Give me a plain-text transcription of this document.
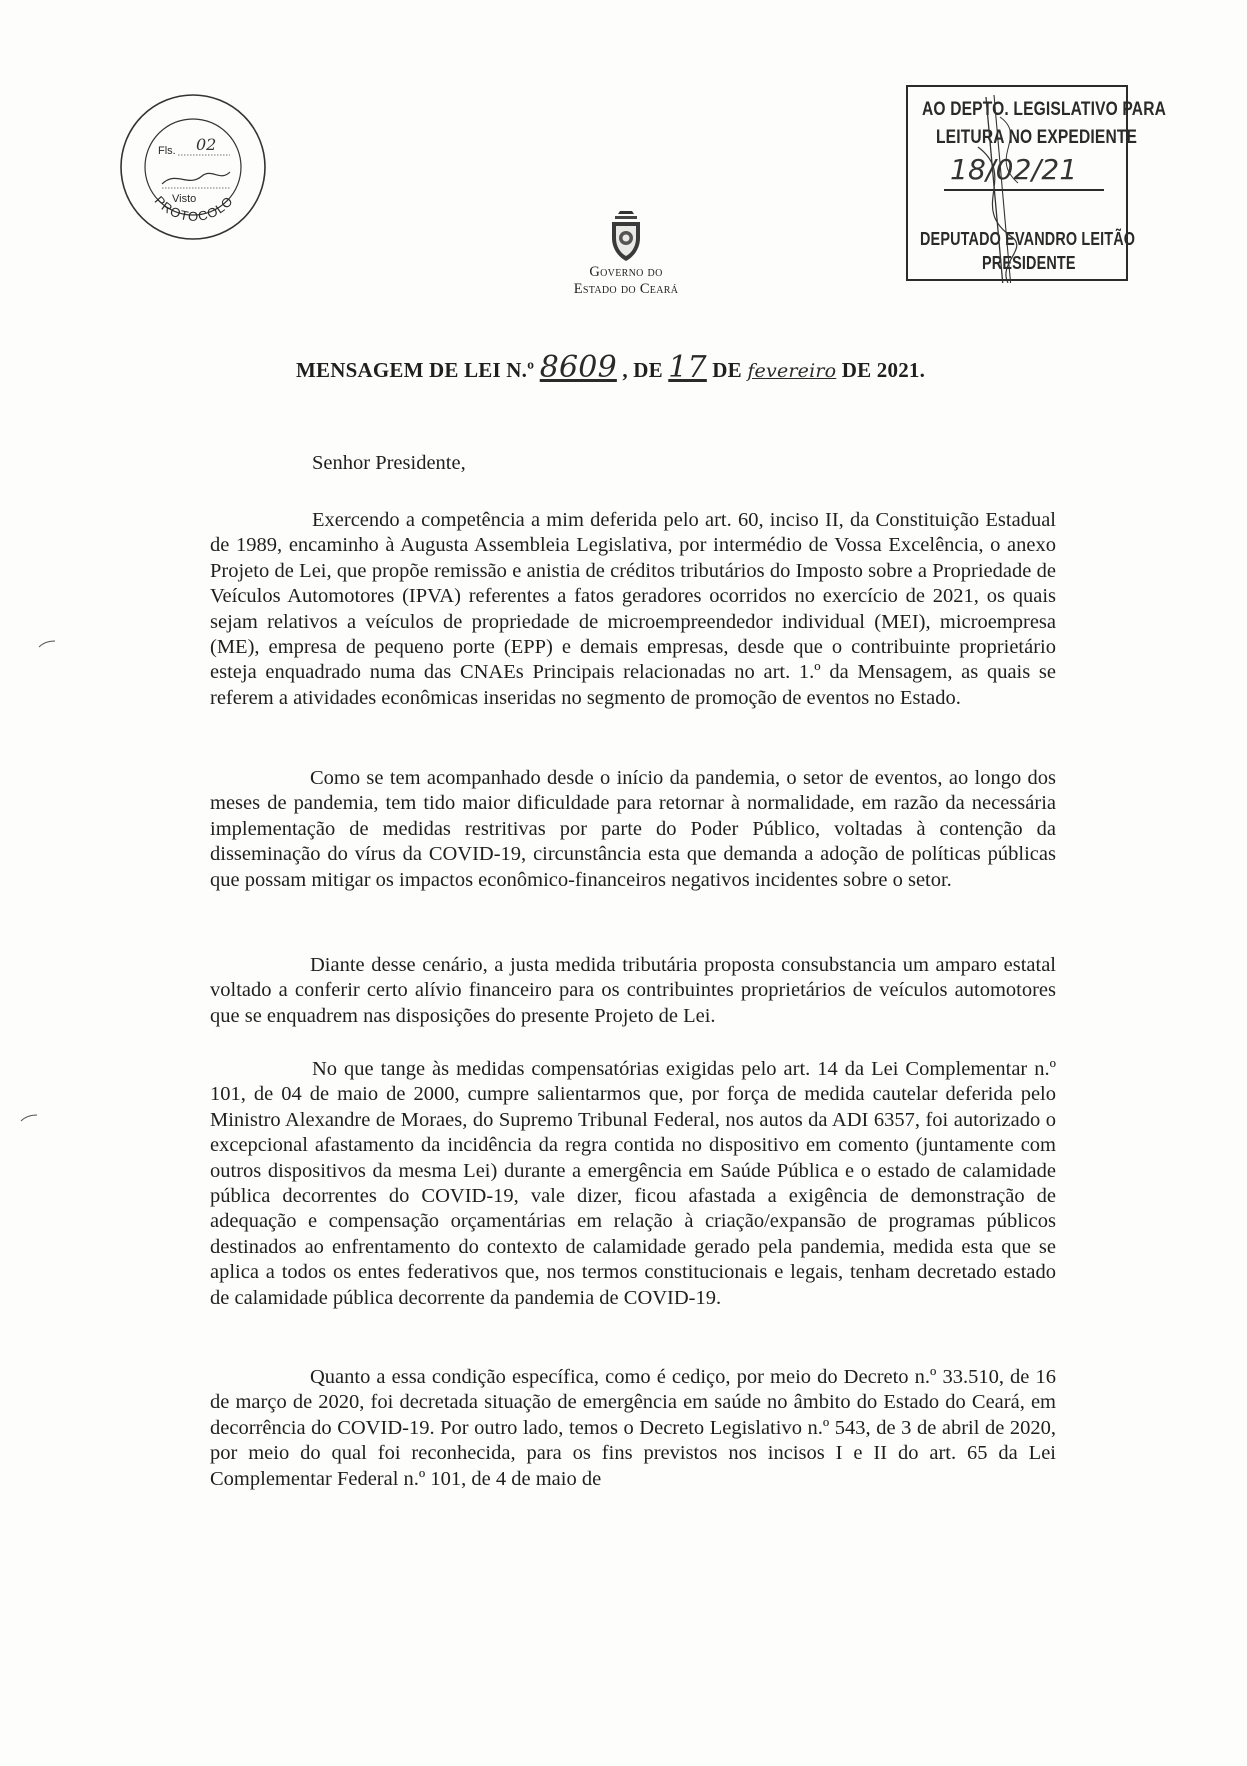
PROTOCOLO
Fls. 02
Visto
AO DEPTO. LEGISLATIVO PARA
LEITURA NO EXPEDIENTE
18/02/21
DEPUTADO EVANDRO LEITÃO
PRESIDENTE
Governo do
Estado do Ceará
MENSAGEM DE LEI N.º 8609 , DE 17 DE fevereiro DE 2021.
Senhor Presidente,

Exercendo a competência a mim deferida pelo art. 60, inciso II, da Constituição Estadual de 1989, encaminho à Augusta Assembleia Legislativa, por intermédio de Vossa Excelência, o anexo Projeto de Lei, que propõe remissão e anistia de créditos tributários do Imposto sobre a Propriedade de Veículos Automotores (IPVA) referentes a fatos geradores ocorridos no exercício de 2021, os quais sejam relativos a veículos de propriedade de microempreendedor individual (MEI), microempresa (ME), empresa de pequeno porte (EPP) e demais empresas, desde que o contribuinte proprietário esteja enquadrado numa das CNAEs Principais relacionadas no art. 1.º da Mensagem, as quais se referem a atividades econômicas inseridas no segmento de promoção de eventos no Estado.

Como se tem acompanhado desde o início da pandemia, o setor de eventos, ao longo dos meses de pandemia, tem tido maior dificuldade para retornar à normalidade, em razão da necessária implementação de medidas restritivas por parte do Poder Público, voltadas à contenção da disseminação do vírus da COVID-19, circunstância esta que demanda a adoção de políticas públicas que possam mitigar os impactos econômico-financeiros negativos incidentes sobre o setor.

Diante desse cenário, a justa medida tributária proposta consubstancia um amparo estatal voltado a conferir certo alívio financeiro para os contribuintes proprietários de veículos automotores que se enquadrem nas disposições do presente Projeto de Lei.

No que tange às medidas compensatórias exigidas pelo art. 14 da Lei Complementar n.º 101, de 04 de maio de 2000, cumpre salientarmos que, por força de medida cautelar deferida pelo Ministro Alexandre de Moraes, do Supremo Tribunal Federal, nos autos da ADI 6357, foi autorizado o excepcional afastamento da incidência da regra contida no dispositivo em comento (juntamente com outros dispositivos da mesma Lei) durante a emergência em Saúde Pública e o estado de calamidade pública decorrentes do COVID-19, vale dizer, ficou afastada a exigência de demonstração de adequação e compensação orçamentárias em relação à criação/expansão de programas públicos destinados ao enfrentamento do contexto de calamidade gerado pela pandemia, medida esta que se aplica a todos os entes federativos que, nos termos constitucionais e legais, tenham decretado estado de calamidade pública decorrente da pandemia de COVID-19.

Quanto a essa condição específica, como é cediço, por meio do Decreto n.º 33.510, de 16 de março de 2020, foi decretada situação de emergência em saúde no âmbito do Estado do Ceará, em decorrência do COVID-19. Por outro lado, temos o Decreto Legislativo n.º 543, de 3 de abril de 2020, por meio do qual foi reconhecida, para os fins previstos nos incisos I e II do art. 65 da Lei Complementar Federal n.º 101, de 4 de maio de
